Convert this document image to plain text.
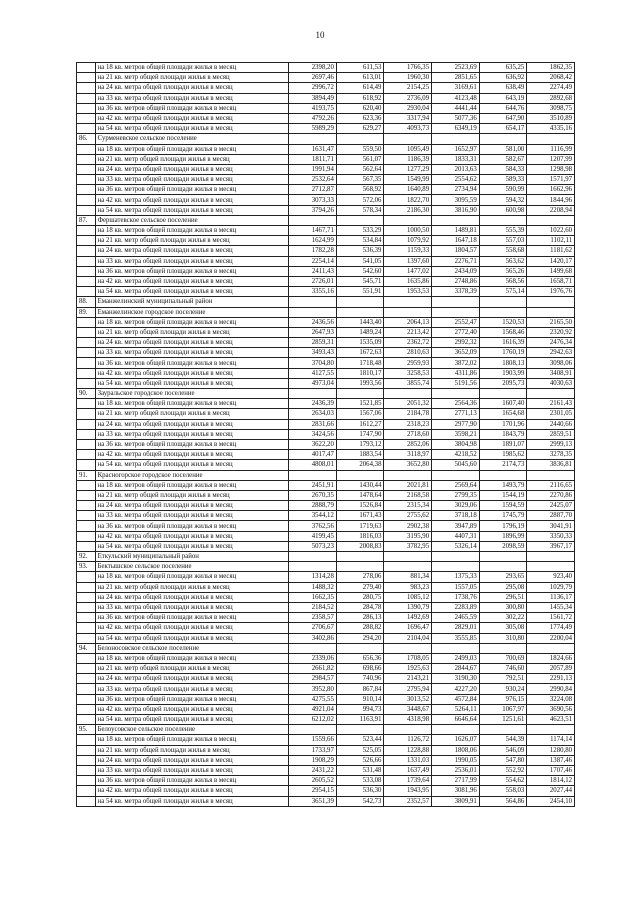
10
	на 18 кв. метров общей площади жилья в месяц	2398,20	611,53	1766,35	2523,69	635,25	1862,35
	на 21 кв. метр общей площади жилья в месяц	2697,46	613,01	1960,30	2851,65	636,92	2068,42
	на 24 кв. метра общей площади жилья в месяц	2996,72	614,49	2154,25	3169,61	638,49	2274,49
	на 33 кв. метра общей площади жилья в месяц	3894,49	618,92	2736,09	4123,48	643,19	2892,68
	на 36 кв. метров общей площади жилья в месяц	4193,75	620,40	2930,04	4441,44	644,76	3098,75
	на 42 кв. метра общей площади жилья в месяц	4792,26	623,36	3317,94	5077,36	647,90	3510,89
	на 54 кв. метра общей площади жилья в месяц	5989,29	629,27	4093,73	6349,19	654,17	4335,16
86.	Сурменевское сельское поселение						
	на 18 кв. метров общей площади жилья в месяц	1631,47	559,50	1095,49	1652,97	581,00	1116,99
	на 21 кв. метр общей площади жилья в месяц	1811,71	561,07	1186,39	1833,31	582,67	1207,99
	на 24 кв. метра общей площади жилья в месяц	1991,94	562,64	1277,29	2013,63	584,33	1298,98
	на 33 кв. метра общей площади жилья в месяц	2532,64	567,35	1549,99	2554,62	589,33	1571,97
	на 36 кв. метров общей площади жилья в месяц	2712,87	568,92	1640,89	2734,94	590,99	1662,96
	на 42 кв. метра общей площади жилья в месяц	3073,33	572,06	1822,70	3095,59	594,32	1844,96
	на 54 кв. метра общей площади жилья в месяц	3794,26	578,34	2186,30	3816,90	600,98	2208,94
87.	Фершатевское сельское поселение						
	на 18 кв. метров общей площади жилья в месяц	1467,71	533,29	1000,50	1489,81	555,39	1022,60
	на 21 кв. метр общей площади жилья в месяц	1624,99	534,84	1079,92	1647,18	557,03	1102,11
	на 24 кв. метра общей площади жилья в месяц	1782,28	536,39	1159,33	1804,57	558,68	1181,62
	на 33 кв. метра общей площади жилья в месяц	2254,14	541,05	1397,60	2276,71	563,62	1420,17
	на 36 кв. метров общей площади жилья в месяц	2411,43	542,60	1477,02	2434,09	565,26	1499,68
	на 42 кв. метра общей площади жилья в месяц	2726,01	545,71	1635,86	2748,86	568,56	1658,71
	на 54 кв. метра общей площади жилья в месяц	3355,16	551,91	1953,53	3378,39	575,14	1976,76
88.	Еманжелинский муниципальный район						
89.	Еманжелинское городское поселение						
	на 18 кв. метров общей площади жилья в месяц	2436,56	1443,40	2064,13	2552,47	1520,53	2165,50
	на 21 кв. метр общей площади жилья в месяц	2647,93	1489,24	2213,42	2772,40	1568,46	2320,92
	на 24 кв. метра общей площади жилья в месяц	2859,31	1535,09	2362,72	2992,32	1616,39	2476,34
	на 33 кв. метра общей площади жилья в месяц	3493,43	1672,63	2810,63	3652,09	1760,19	2942,63
	на 36 кв. метров общей площади жилья в месяц	3704,80	1718,48	2959,93	3872,02	1808,13	3098,06
	на 42 кв. метра общей площади жилья в месяц	4127,55	1810,17	3258,53	4311,86	1903,99	3408,91
	на 54 кв. метра общей площади жилья в месяц	4973,04	1993,56	3855,74	5191,56	2095,73	4030,63
90.	Зауральское городское поселение						
	на 18 кв. метров общей площади жилья в месяц	2436,39	1521,85	2051,32	2564,36	1607,40	2161,43
	на 21 кв. метр общей площади жилья в месяц	2634,03	1567,06	2184,78	2771,13	1654,68	2301,05
	на 24 кв. метра общей площади жилья в месяц	2831,66	1612,27	2318,23	2977,90	1701,96	2440,66
	на 33 кв. метра общей площади жилья в месяц	3424,56	1747,90	2718,60	3598,21	1843,79	2859,51
	на 36 кв. метров общей площади жилья в месяц	3622,20	1793,12	2852,06	3804,98	1891,07	2999,13
	на 42 кв. метра общей площади жилья в месяц	4017,47	1883,54	3118,97	4218,52	1985,62	3278,35
	на 54 кв. метра общей площади жилья в месяц	4808,01	2064,38	3652,80	5045,60	2174,73	3836,81
91.	Красногорское городское поселение						
	на 18 кв. метров общей площади жилья в месяц	2451,91	1430,44	2021,81	2569,64	1493,79	2116,65
	на 21 кв. метр общей площади жилья в месяц	2670,35	1478,64	2168,58	2799,35	1544,19	2270,86
	на 24 кв. метра общей площади жилья в месяц	2888,79	1526,84	2315,34	3029,06	1594,59	2425,07
	на 33 кв. метра общей площади жилья в месяц	3544,12	1671,43	2755,62	3718,18	1745,79	2887,70
	на 36 кв. метров общей площади жилья в месяц	3762,56	1719,63	2902,38	3947,89	1796,19	3041,91
	на 42 кв. метра общей площади жилья в месяц	4199,45	1816,03	3195,90	4407,31	1896,99	3350,33
	на 54 кв. метра общей площади жилья в месяц	5073,23	2008,83	3782,95	5326,14	2098,59	3967,17
92.	Еткульский муниципальный район						
93.	Бектышское сельское поселение						
	на 18 кв. метров общей площади жилья в месяц	1314,28	278,06	881,34	1375,33	293,65	923,40
	на 21 кв. метр общей площади жилья в месяц	1488,32	279,40	983,23	1557,05	295,08	1029,79
	на 24 кв. метра общей площади жилья в месяц	1662,35	280,75	1085,12	1738,76	296,51	1136,17
	на 33 кв. метра общей площади жилья в месяц	2184,52	284,78	1390,79	2283,89	300,80	1455,34
	на 36 кв. метров общей площади жилья в месяц	2358,57	286,13	1492,69	2465,59	302,22	1561,72
	на 42 кв. метра общей площади жилья в месяц	2706,67	288,82	1696,47	2829,01	305,08	1774,49
	на 54 кв. метра общей площади жилья в месяц	3402,86	294,20	2104,04	3555,85	310,80	2200,04
94.	Белоносовское сельское поселение						
	на 18 кв. метров общей площади жилья в месяц	2339,06	656,36	1708,05	2499,03	700,69	1824,66
	на 21 кв. метр общей площади жилья в месяц	2661,82	698,66	1925,63	2844,67	746,60	2057,89
	на 24 кв. метра общей площади жилья в месяц	2984,57	740,96	2143,21	3190,30	792,51	2291,13
	на 33 кв. метра общей площади жилья в месяц	3952,80	867,84	2795,94	4227,20	930,24	2990,84
	на 36 кв. метров общей площади жилья в месяц	4275,55	910,14	3013,52	4572,84	976,15	3224,08
	на 42 кв. метра общей площади жилья в месяц	4921,04	994,73	3448,67	5264,11	1067,97	3690,56
	на 54 кв. метра общей площади жилья в месяц	6212,02	1163,91	4318,98	6646,64	1251,61	4623,51
95.	Белоусовское сельское поселение						
	на 18 кв. метров общей площади жилья в месяц	1559,66	523,44	1126,72	1626,07	544,39	1174,14
	на 21 кв. метр общей площади жилья в месяц	1733,97	525,05	1228,88	1808,06	546,09	1280,80
	на 24 кв. метра общей площади жилья в месяц	1908,29	526,66	1331,03	1990,05	547,80	1387,46
	на 33 кв. метра общей площади жилья в месяц	2431,22	531,48	1637,49	2536,01	552,92	1707,46
	на 36 кв. метров общей площади жилья в месяц	2605,52	533,08	1739,64	2717,99	554,62	1814,12
	на 42 кв. метра общей площади жилья в месяц	2954,15	536,30	1943,95	3081,96	558,03	2027,44
	на 54 кв. метра общей площади жилья в месяц	3651,39	542,73	2352,57	3809,91	564,86	2454,10
